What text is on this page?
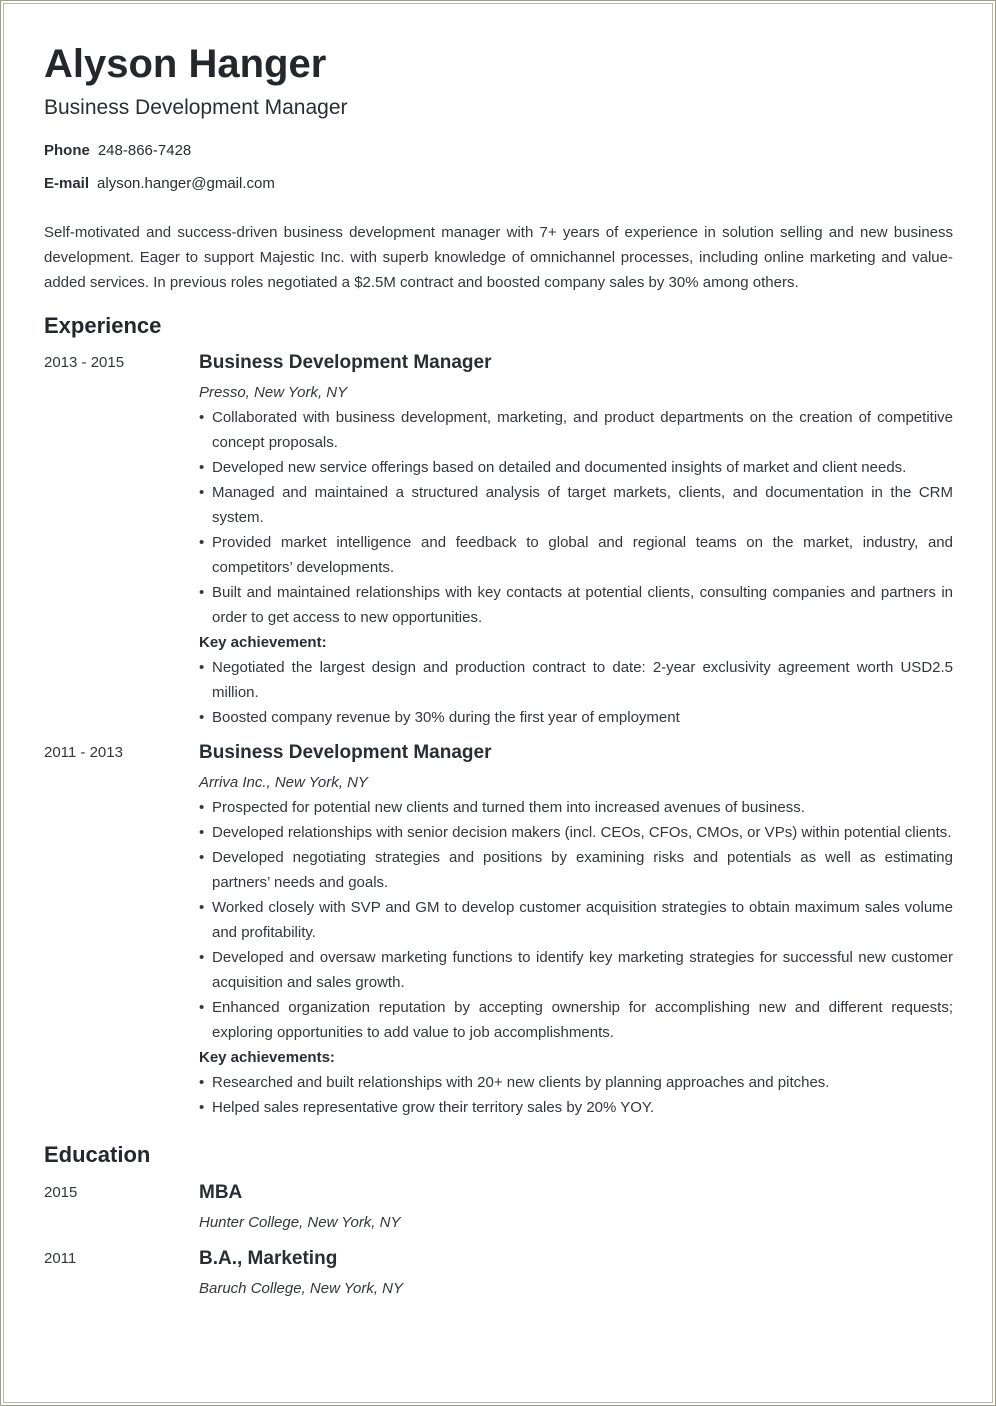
Alyson Hanger
Business Development Manager
Phone 248-866-7428
E-mail alyson.hanger@gmail.com

Self-motivated and success-driven business development manager with 7+ years of experience in solution selling and new business development. Eager to support Majestic Inc. with superb knowledge of omnichannel processes, including online marketing and value-added services. In previous roles negotiated a $2.5M contract and boosted company sales by 30% among others.

Experience
2013 - 2015	Business Development Manager
Presso, New York, NY
• Collaborated with business development, marketing, and product departments on the creation of competitive concept proposals.
• Developed new service offerings based on detailed and documented insights of market and client needs.
• Managed and maintained a structured analysis of target markets, clients, and documentation in the CRM system.
• Provided market intelligence and feedback to global and regional teams on the market, industry, and competitors’ developments.
• Built and maintained relationships with key contacts at potential clients, consulting companies and partners in order to get access to new opportunities.
Key achievement:
• Negotiated the largest design and production contract to date: 2-year exclusivity agreement worth USD2.5 million.
• Boosted company revenue by 30% during the first year of employment
2011 - 2013	Business Development Manager
Arriva Inc., New York, NY
• Prospected for potential new clients and turned them into increased avenues of business.
• Developed relationships with senior decision makers (incl. CEOs, CFOs, CMOs, or VPs) within potential clients.
• Developed negotiating strategies and positions by examining risks and potentials as well as estimating partners’ needs and goals.
• Worked closely with SVP and GM to develop customer acquisition strategies to obtain maximum sales volume and profitability.
• Developed and oversaw marketing functions to identify key marketing strategies for successful new customer acquisition and sales growth.
• Enhanced organization reputation by accepting ownership for accomplishing new and different requests; exploring opportunities to add value to job accomplishments.
Key achievements:
• Researched and built relationships with 20+ new clients by planning approaches and pitches.
• Helped sales representative grow their territory sales by 20% YOY.
Education
2015	MBA
Hunter College, New York, NY
2011	B.A., Marketing
Baruch College, New York, NY
